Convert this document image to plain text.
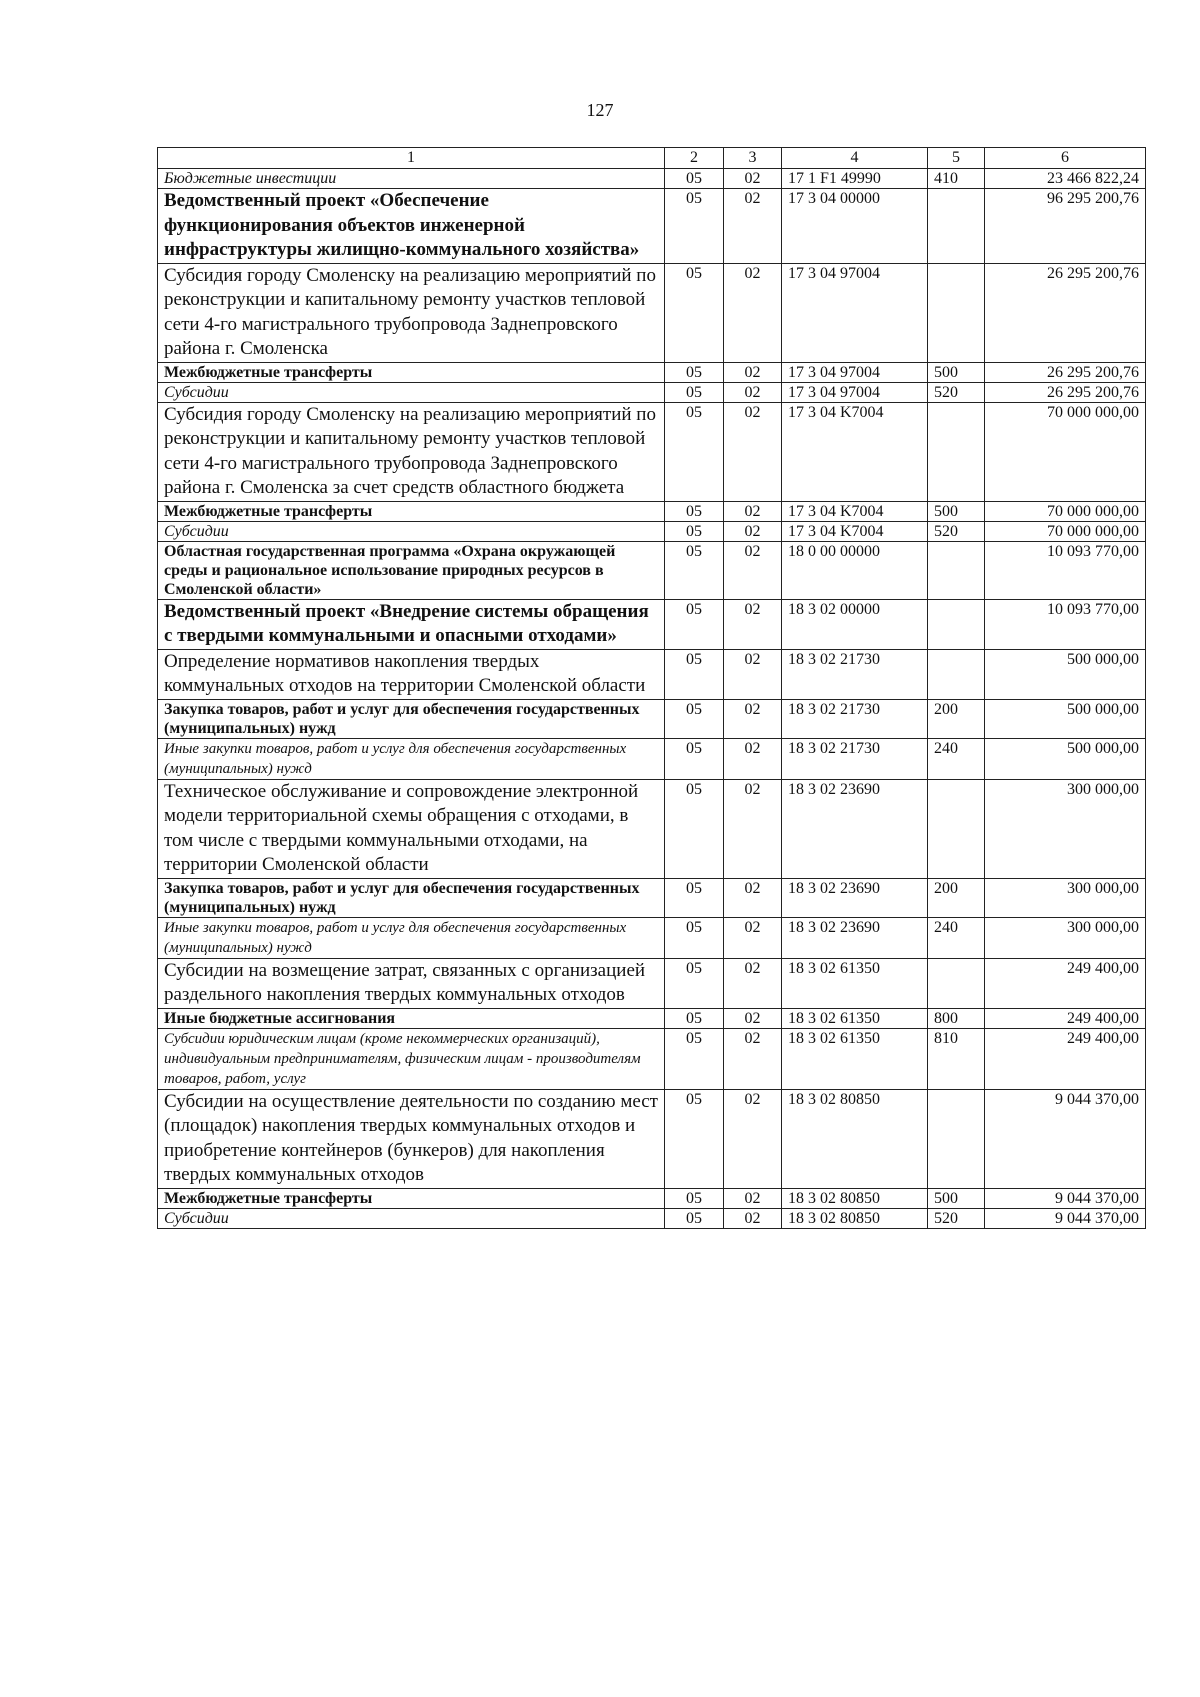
127
1	2	3	4	5	6
Бюджетные инвестиции	05	02	17 1 F1 49990	410	23 466 822,24
Ведомственный проект «Обеспечение функционирования объектов инженерной инфраструктуры жилищно-коммунального хозяйства»	05	02	17 3 04 00000		96 295 200,76
Субсидия городу Смоленску на реализацию мероприятий по реконструкции и капитальному ремонту участков тепловой сети 4-го магистрального трубопровода Заднепровского района г. Смоленска	05	02	17 3 04 97004		26 295 200,76
Межбюджетные трансферты	05	02	17 3 04 97004	500	26 295 200,76
Субсидии	05	02	17 3 04 97004	520	26 295 200,76
Субсидия городу Смоленску на реализацию мероприятий по реконструкции и капитальному ремонту участков тепловой сети 4-го магистрального трубопровода Заднепровского района г. Смоленска за счет средств областного бюджета	05	02	17 3 04 K7004		70 000 000,00
Межбюджетные трансферты	05	02	17 3 04 K7004	500	70 000 000,00
Субсидии	05	02	17 3 04 K7004	520	70 000 000,00
Областная государственная программа «Охрана окружающей среды и рациональное использование природных ресурсов в Смоленской области»	05	02	18 0 00 00000		10 093 770,00
Ведомственный проект «Внедрение системы обращения с твердыми коммунальными и опасными отходами»	05	02	18 3 02 00000		10 093 770,00
Определение нормативов накопления твердых коммунальных отходов на территории Смоленской области	05	02	18 3 02 21730		500 000,00
Закупка товаров, работ и услуг для обеспечения государственных (муниципальных) нужд	05	02	18 3 02 21730	200	500 000,00
Иные закупки товаров, работ и услуг для обеспечения государственных (муниципальных) нужд	05	02	18 3 02 21730	240	500 000,00
Техническое обслуживание и сопровождение электронной модели территориальной схемы обращения с отходами, в том числе с твердыми коммунальными отходами, на территории Смоленской области	05	02	18 3 02 23690		300 000,00
Закупка товаров, работ и услуг для обеспечения государственных (муниципальных) нужд	05	02	18 3 02 23690	200	300 000,00
Иные закупки товаров, работ и услуг для обеспечения государственных (муниципальных) нужд	05	02	18 3 02 23690	240	300 000,00
Субсидии на возмещение затрат, связанных с организацией раздельного накопления твердых коммунальных отходов	05	02	18 3 02 61350		249 400,00
Иные бюджетные ассигнования	05	02	18 3 02 61350	800	249 400,00
Субсидии юридическим лицам (кроме некоммерческих организаций), индивидуальным предпринимателям, физическим лицам - производителям товаров, работ, услуг	05	02	18 3 02 61350	810	249 400,00
Субсидии на осуществление деятельности по созданию мест (площадок) накопления твердых коммунальных отходов и приобретение контейнеров (бункеров) для накопления твердых коммунальных отходов	05	02	18 3 02 80850		9 044 370,00
Межбюджетные трансферты	05	02	18 3 02 80850	500	9 044 370,00
Субсидии	05	02	18 3 02 80850	520	9 044 370,00
